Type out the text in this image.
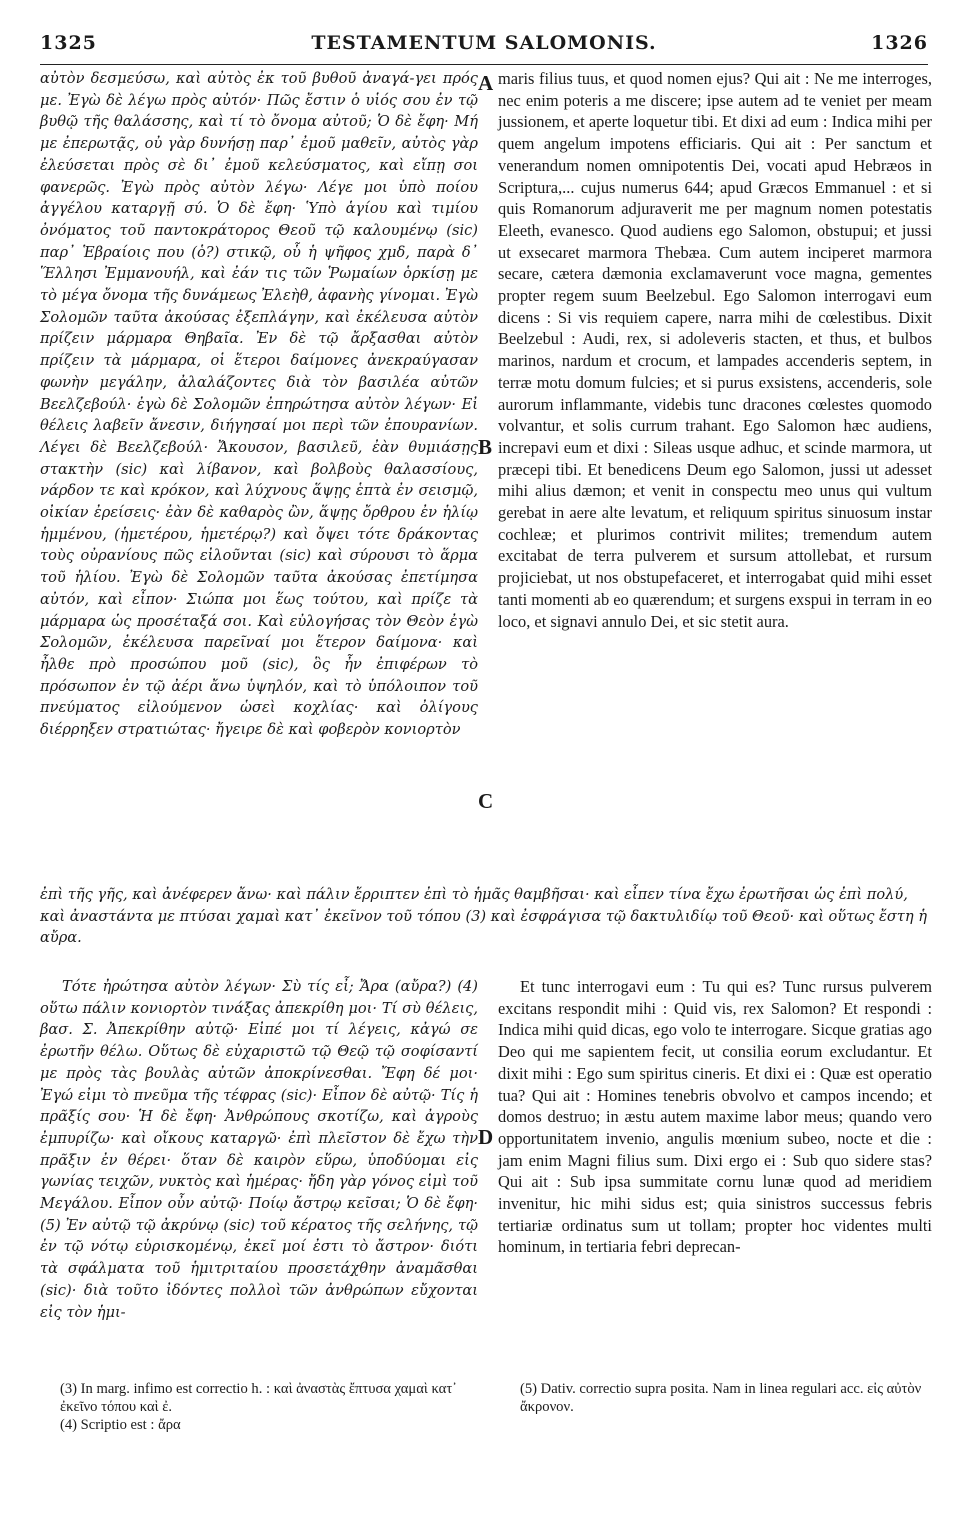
1325	TESTAMENTUM SALOMONIS.	1326

αὐτὸν δεσμεύσω, καὶ αὐτὸς ἐκ τοῦ βυθοῦ ἀναγά-γει πρός με. Ἐγὼ δὲ λέγω πρὸς αὐτόν· Πῶς ἔστιν ὁ υἱός σου ἐν τῷ βυθῷ τῆς θαλάσσης, καὶ τί τὸ ὄνομα αὐτοῦ; Ὁ δὲ ἔφη· Μή με ἐπερωτᾷς, οὐ γὰρ δυνήσῃ παρ᾽ ἐμοῦ μαθεῖν, αὐτὸς γὰρ ἐλεύσεται πρὸς σὲ δι᾽ ἐμοῦ κελεύσματος, καὶ εἴπῃ σοι φανερῶς. Ἐγὼ πρὸς αὐτὸν λέγω· Λέγε μοι ὑπὸ ποίου ἀγγέλου καταργῇ σύ. Ὁ δὲ ἔφη· Ὑπὸ ἁγίου καὶ τιμίου ὀνόματος τοῦ παντοκράτορος Θεοῦ τῷ καλουμένῳ (sic) παρ᾽ Ἑβραίοις που (ὁ?) στικῷ, οὗ ἡ ψῆφος χμδ, παρὰ δ᾽ Ἕλλησι Ἐμμανουήλ, καὶ ἐάν τις τῶν Ῥωμαίων ὁρκίσῃ με τὸ μέγα ὄνομα τῆς δυνάμεως Ἐλεὴθ, ἀφανὴς γίνομαι. Ἐγὼ Σολομῶν ταῦτα ἀκούσας ἐξεπλάγην, καὶ ἐκέλευσα αὐτὸν πρίζειν μάρμαρα Θηβαῖα. Ἐν δὲ τῷ ἄρξασθαι αὐτὸν πρίζειν τὰ μάρμαρα, οἱ ἕτεροι δαίμονες ἀνεκραύγασαν φωνὴν μεγάλην, ἀλαλάζοντες διὰ τὸν βασιλέα αὐτῶν Βεελζεβούλ· ἐγὼ δὲ Σολομῶν ἐπηρώτησα αὐτὸν λέγων· Εἰ θέλεις λαβεῖν ἄνεσιν, διήγησαί μοι περὶ τῶν ἐπουρανίων. Λέγει δὲ Βεελζεβούλ· Ἄκουσον, βασιλεῦ, ἐὰν θυμιάσῃς στακτὴν (sic) καὶ λίβανον, καὶ βολβοὺς θαλασσίους, νάρδον τε καὶ κρόκον, καὶ λύχνους ἅψῃς ἑπτὰ ἐν σεισμῷ, οἰκίαν ἐρείσεις· ἐὰν δὲ καθαρὸς ὢν, ἅψῃς ὄρθρου ἐν ἡλίῳ ἡμμένου, (ἡμετέρου, ἡμετέρῳ?) καὶ ὄψει τότε δράκοντας τοὺς οὐρανίους πῶς εἰλοῦνται (sic) καὶ σύρουσι τὸ ἅρμα τοῦ ἡλίου. Ἐγὼ δὲ Σολομῶν ταῦτα ἀκούσας ἐπετίμησα αὐτόν, καὶ εἶπον· Σιώπα μοι ἕως τούτου, καὶ πρίζε τὰ μάρμαρα ὡς προσέταξά σοι. Καὶ εὐλογήσας τὸν Θεὸν ἐγὼ Σολομῶν, ἐκέλευσα παρεῖναί μοι ἕτερον δαίμονα· καὶ ἦλθε πρὸ προσώπου μοῦ (sic), ὃς ἦν ἐπιφέρων τὸ πρόσωπον ἐν τῷ ἀέρι ἄνω ὑψηλόν, καὶ τὸ ὑπόλοιπον τοῦ πνεύματος εἰλούμενον ὡσεὶ κοχλίας· καὶ ὀλίγους διέρρηξεν στρατιώτας· ἤγειρε δὲ καὶ φοβερὸν κονιορτὸν

maris filius tuus, et quod nomen ejus? Qui ait : Ne me interroges, nec enim poteris a me discere; ipse autem ad te veniet per meam jussionem, et aperte loquetur tibi. Et dixi ad eum : Indica mihi per quem angelum impotens efficiaris. Qui ait : Per sanctum et venerandum nomen omnipotentis Dei, vocati apud Hebræos in Scriptura,... cujus numerus 644; apud Græcos Emmanuel : et si quis Romanorum adjuraverit me per magnum nomen potestatis Eleeth, evanesco. Quod audiens ego Salomon, obstupui; et jussi ut exsecaret marmora Thebæa. Cum autem inciperet marmora secare, cætera dæmonia exclamaverunt voce magna, gementes propter regem suum Beelzebul. Ego Salomon interrogavi eum dicens : Si vis requiem capere, narra mihi de cœlestibus. Dixit Beelzebul : Audi, rex, si adoleveris stacten, et thus, et bulbos marinos, nardum et crocum, et lampades accenderis septem, in terræ motu domum fulcies; et si purus exsistens, accenderis, sole aurorum inflammante, videbis tunc dracones cœlestes quomodo volvantur, et solis currum trahant. Ego Salomon hæc audiens, increpavi eum et dixi : Sileas usque adhuc, et scinde marmora, ut præcepi tibi. Et benedicens Deum ego Salomon, jussi ut adesset mihi alius dæmon; et venit in conspectu meo unus qui vultum gerebat in aere alte levatum, et reliquum spiritus sinuosum instar cochleæ; et plurimos contrivit milites; tremendum autem excitabat de terra pulverem et sursum attollebat, et rursum projiciebat, ut nos obstupefaceret, et interrogabat quid mihi esset tanti momenti ab eo quærendum; et surgens exspui in terram in eo loco, et signavi annulo Dei, et sic stetit aura.

A
B
C
D

ἐπὶ τῆς γῆς, καὶ ἀνέφερεν ἄνω· καὶ πάλιν ἔρριπτεν ἐπὶ τὸ ἡμᾶς θαμβῆσαι· καὶ εἶπεν τίνα ἔχω ἐρωτῆσαι ὡς ἐπὶ πολύ, καὶ ἀναστάντα με πτύσαι χαμαὶ κατ᾽ ἐκεῖνον τοῦ τόπου (3) καὶ ἐσφράγισα τῷ δακτυλιδίῳ τοῦ Θεοῦ· καὶ οὕτως ἔστη ἡ αὔρα.

Τότε ἠρώτησα αὐτὸν λέγων· Σὺ τίς εἶ; Ἄρα (αὔρα?) (4) οὕτω πάλιν κονιορτὸν τινάξας ἀπεκρίθη μοι· Τί σὺ θέλεις, βασ. Σ. Ἀπεκρίθην αὐτῷ· Εἰπέ μοι τί λέγεις, κἀγώ σε ἐρωτῆν θέλω. Οὕτως δὲ εὐχαριστῶ τῷ Θεῷ τῷ σοφίσαντί με πρὸς τὰς βουλὰς αὐτῶν ἀποκρίνεσθαι. Ἔφη δέ μοι· Ἐγώ εἰμι τὸ πνεῦμα τῆς τέφρας (sic)· Εἶπον δὲ αὐτῷ· Τίς ἡ πρᾶξίς σου· Ἡ δὲ ἔφη· Ἀνθρώπους σκοτίζω, καὶ ἀγροὺς ἐμπυρίζω· καὶ οἴκους καταργῶ· ἐπὶ πλεῖστον δὲ ἔχω τὴν πρᾶξιν ἐν θέρει· ὅταν δὲ καιρὸν εὕρω, ὑποδύομαι εἰς γωνίας τειχῶν, νυκτὸς καὶ ἡμέρας· ἤδη γὰρ γόνος εἰμὶ τοῦ Μεγάλου. Εἶπον οὖν αὐτῷ· Ποίῳ ἄστρῳ κεῖσαι; Ὁ δὲ ἔφη· (5) Ἐν αὐτῷ τῷ ἀκρύνῳ (sic) τοῦ κέρατος τῆς σελήνης, τῷ ἐν τῷ νότῳ εὑρισκομένῳ, ἐκεῖ μοί ἐστι τὸ ἄστρον· διότι τὰ σφάλματα τοῦ ἡμιτριταίου προσετάχθην ἀναμᾶσθαι (sic)· διὰ τοῦτο ἰδόντες πολλοὶ τῶν ἀνθρώπων εὔχονται εἰς τὸν ἡμι-

Et tunc interrogavi eum : Tu qui es? Tunc rursus pulverem excitans respondit mihi : Quid vis, rex Salomon? Et respondi : Indica mihi quid dicas, ego volo te interrogare. Sicque gratias ago Deo qui me sapientem fecit, ut consilia eorum excludantur. Et dixit mihi : Ego sum spiritus cineris. Et dixi ei : Quæ est operatio tua? Qui ait : Homines tenebris obvolvo et campos incendo; et domos destruo; in æstu autem maxime labor meus; quando vero opportunitatem invenio, angulis mœnium subeo, nocte et die : jam enim Magni filius sum. Dixi ergo ei : Sub quo sidere stas? Qui ait : Sub ipsa summitate cornu lunæ quod ad meridiem invenitur, hic mihi sidus est; quia sinistros successus febris tertiariæ ordinatus sum ut tollam; propter hoc videntes multi hominum, in tertiaria febri deprecan-

(3) In marg. infimo est correctio h. : καὶ ἀναστὰς ἔπτυσα χαμαὶ κατ᾽ ἐκεῖνο τόπου καὶ ἐ.
(4) Scriptio est : ἄρα
(5) Dativ. correctio supra posita. Nam in linea regulari acc. εἰς αὐτὸν ἄκρονον.
